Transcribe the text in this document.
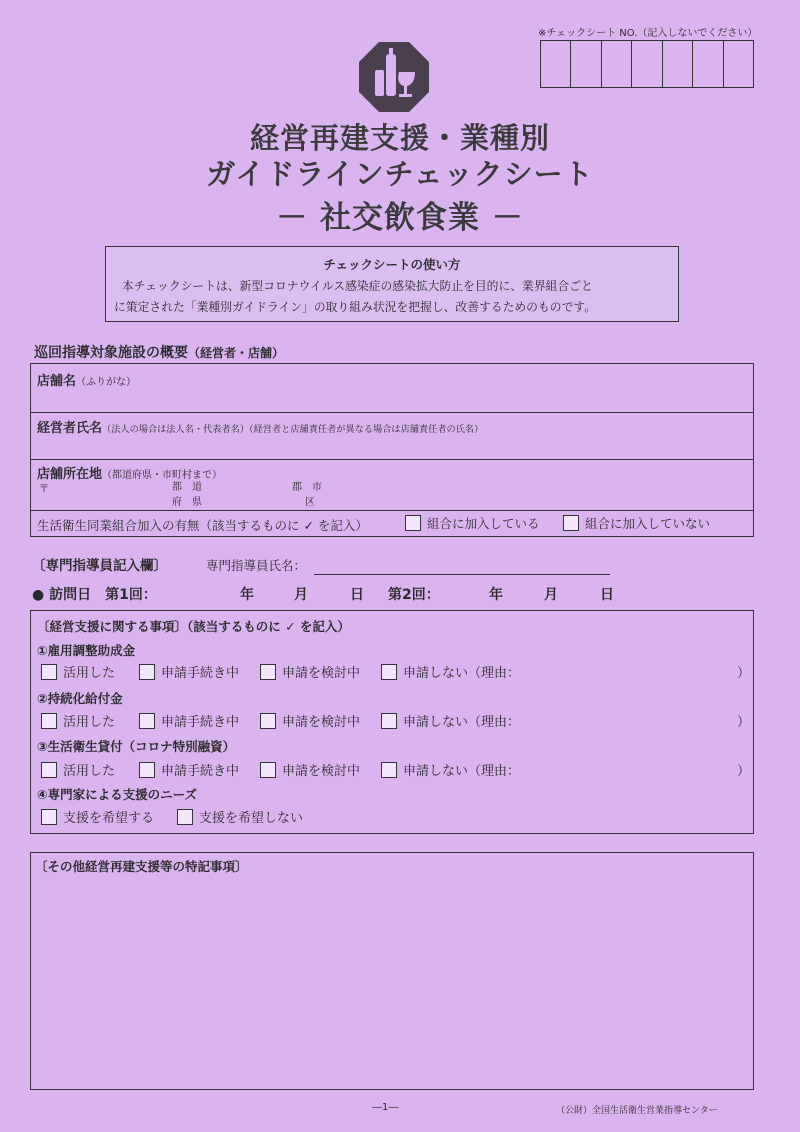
※チェックシート NO.（記入しないでください）
経営再建支援・業種別
ガイドラインチェックシート
－ 社交飲食業 －
チェックシートの使い方
本チェックシートは、新型コロナウイルス感染症の感染拡大防止を目的に、業界組合ごと
に策定された「業種別ガイドライン」の取り組み状況を把握し、改善するためのものです。
巡回指導対象施設の概要（経営者・店舗）
店舗名（ふりがな）
経営者氏名（法人の場合は法人名・代表者名）（経営者と店舗責任者が異なる場合は店舗責任者の氏名）
店舗所在地（都道府県・市町村まで）
〒	都　道
府　県
郡　市
区
生活衛生同業組合加入の有無（該当するものに ✓ を記入）	組合に加入している	組合に加入していない
〔専門指導員記入欄〕	専門指導員氏名：
● 訪問日　第1回：	年	月	日 第2回：	年	月	日
〔経営支援に関する事項〕（該当するものに ✓ を記入）
①雇用調整助成金
活用した	申請手続き中	申請を検討中	申請しない（理由：	）
②持続化給付金
活用した	申請手続き中	申請を検討中	申請しない（理由：	）
③生活衛生貸付（コロナ特別融資）
活用した	申請手続き中	申請を検討中	申請しない（理由：	）
④専門家による支援のニーズ
支援を希望する	支援を希望しない
〔その他経営再建支援等の特記事項〕
―1―	（公財）全国生活衛生営業指導センター
